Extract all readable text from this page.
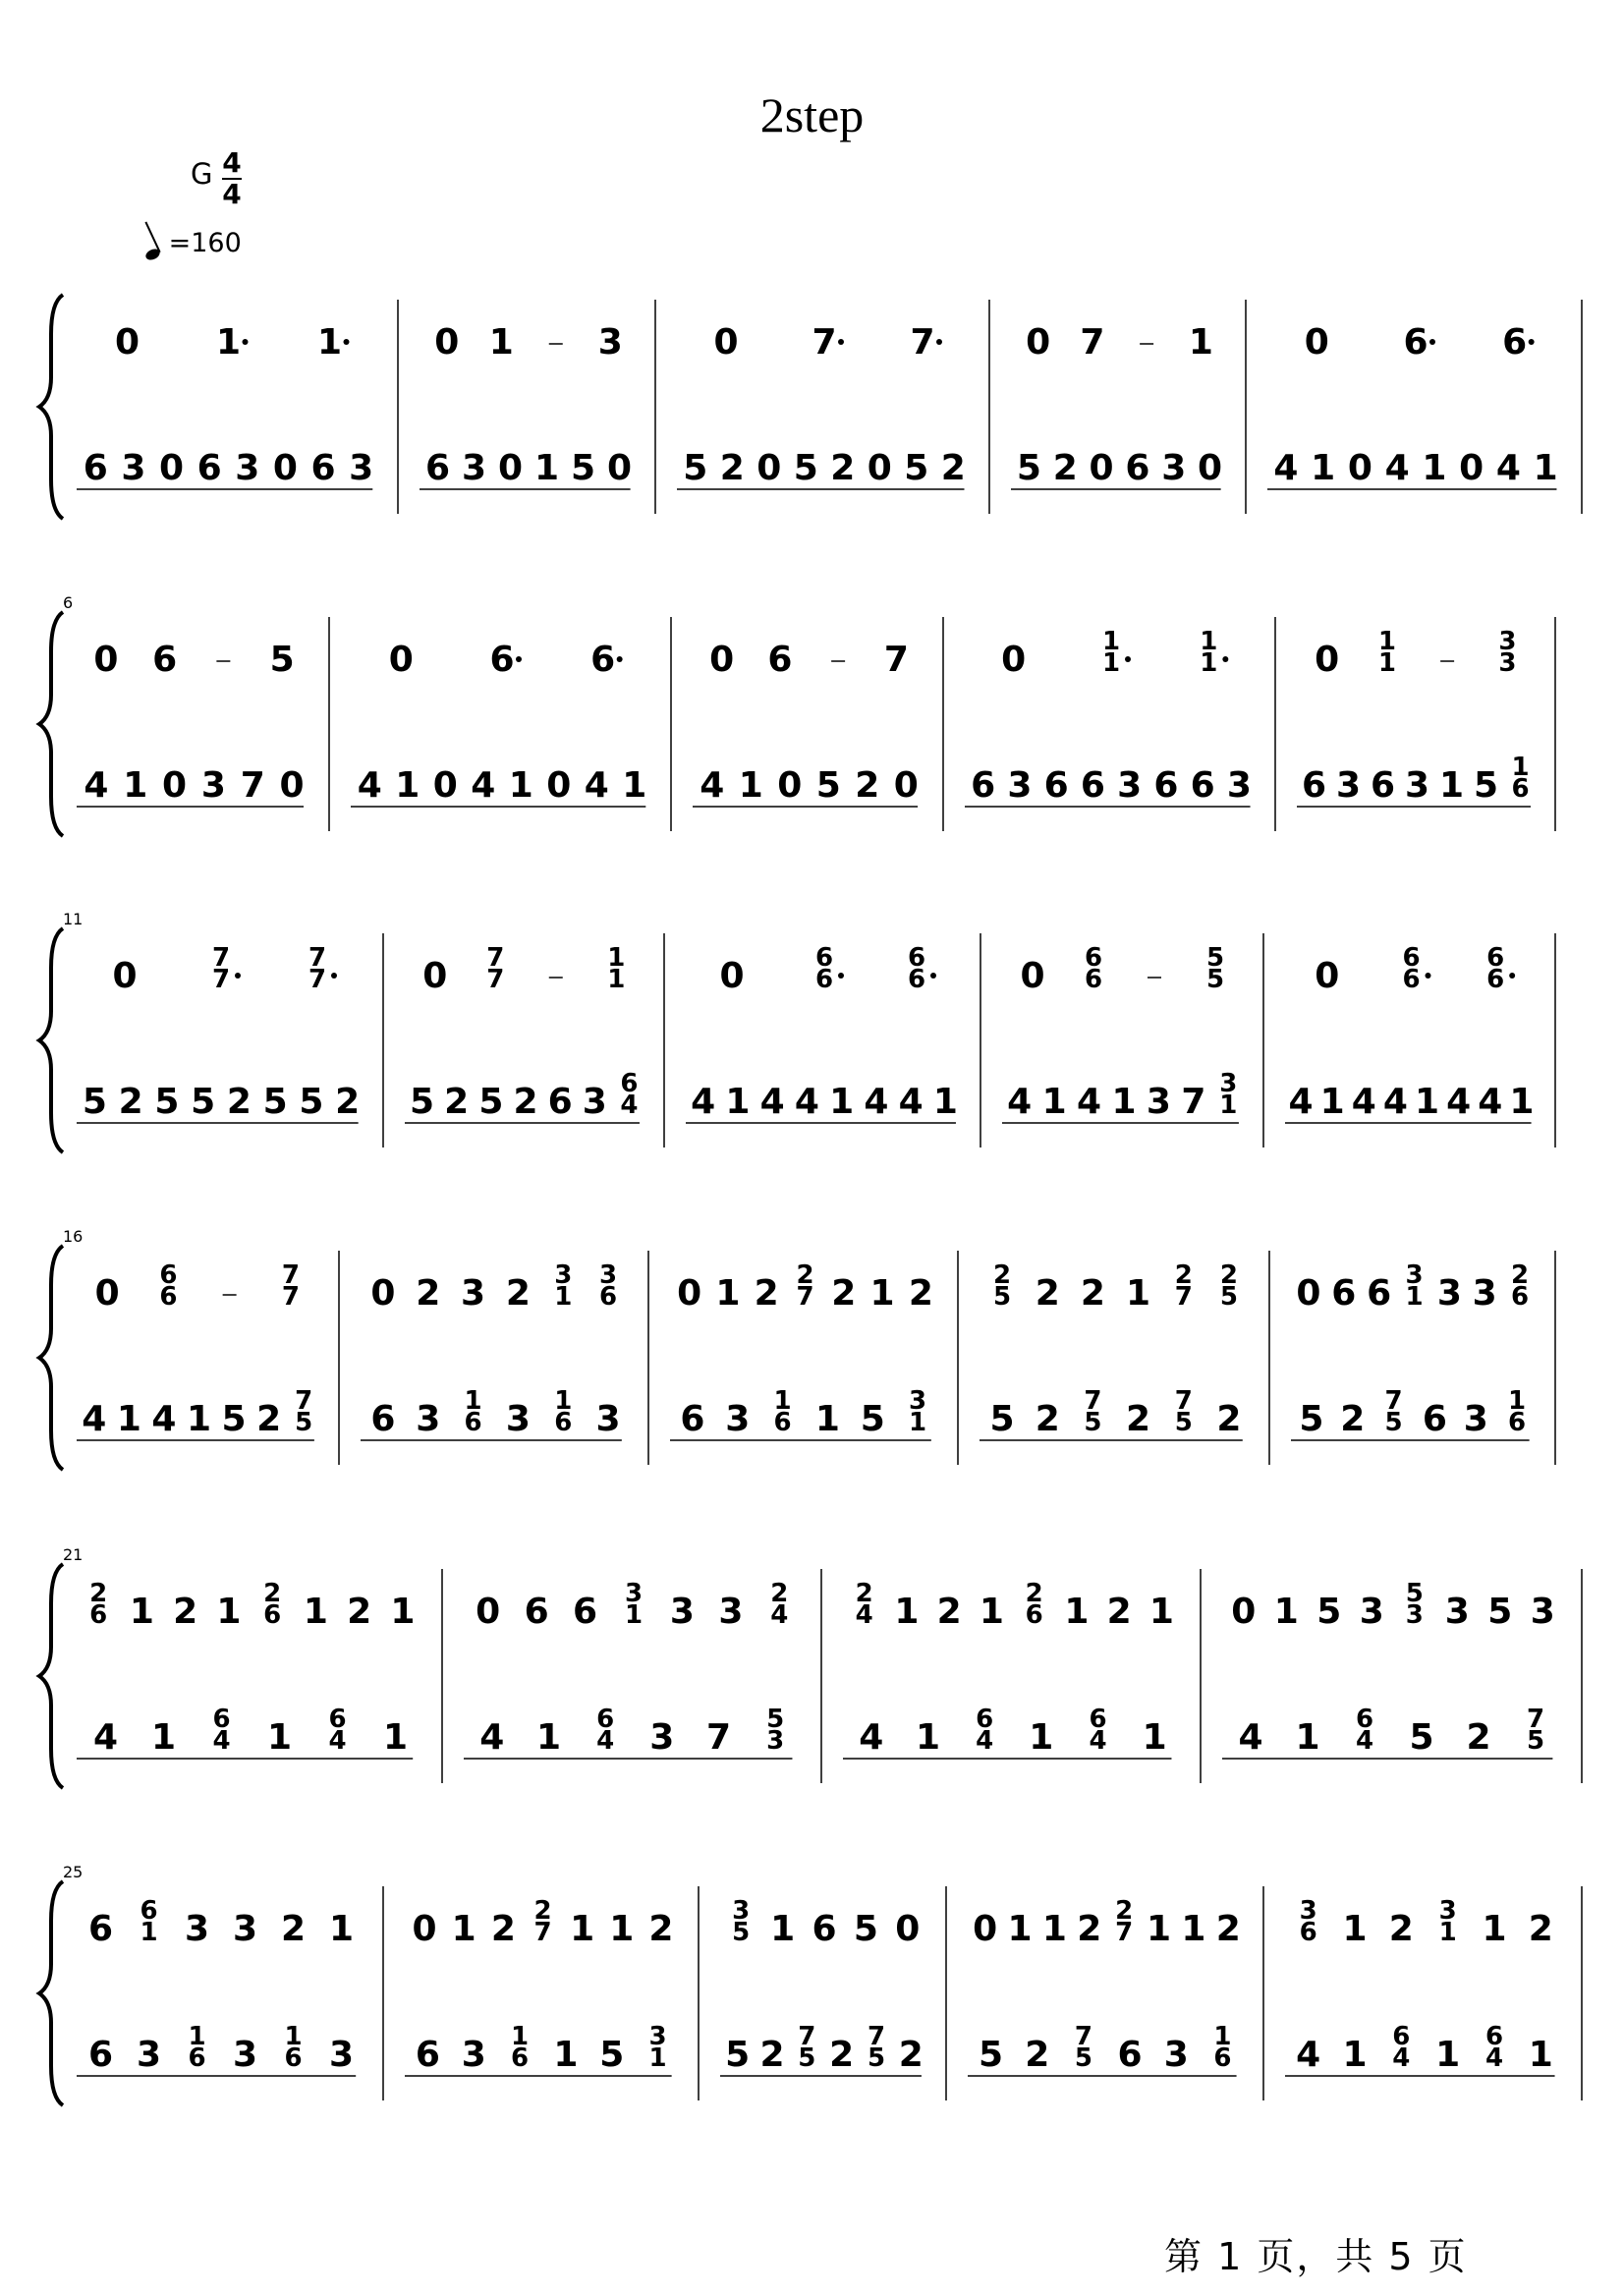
2step
G 4
4
=160
0 1 1
6 3 0 6 3 0 6 3
0 1 3
6 3 0 1 5 0
0 7 7
5 2 0 5 2 0 5 2
0 7 1
5 2 0 6 3 0
0 6 6
4 1 0 4 1 0 4 1
6
0 6	5
4 1 0 3 7 0
0 6 6
4 1 0 4 1 0 4 1
0 6	7
4 1 0 5 2 0
0	1
1
1
1
6 3 6 6 3 6 6 3
0 1
1
3
3
6 3 6 3 1 5 1
6
11
0	7
7
7
7
5 2 5 5 2 5 5 2
0 7
7
1
1
5 2 5 2 6 3 6
4
0	6
6
6
6
4 1 4 4 1 4 4 1
0 6
6
5
5
4 1 4 1 3 7 3
1
0 6
6
6
6
4 1 4 4 1 4 4 1
16
0 6
6
7
7
4 1 4 1 5 2 7
5
0 2 3 2 3
1
3
6
6 3 1
6 3 1
6 3
0 1 2 2
7 2 1 2
6 3 1
6 1 5 3
1
2
5 2 2 1 2
7
2
5
5 2 7
5 2 7
5 2
0 6 6 3
1 3 3 2
6
5 2 7
5 6 3 1
6
21
2
6 1 2 1 2
6 1 2 1
4 1 6
4 1 6
4 1
0 6 6 3
1 3 3 2
4
4 1 6
4 3 7 5
3
2
4 1 2 1 2
6 1 2 1
4 1 6
4 1 6
4 1
0 1 5 3 5
3 3 5 3
4 1 6
4 5 2 7
5
25
6 6
1 3 3 2 1
6 3 1
6 3 1
6 3
0 1 2 2
7 1 1 2
6 3 1
6 1 5 3
1
3
5 1 6 5 0
5 2 7
5 2 7
5 2
0 1 1 2 2
7 1 1 2
5 2 7
5 6 3 1
6
3
6 1 2 3
1 1 2
4 1 6
4 1 6
4 1
第 1 页，共 5 页
